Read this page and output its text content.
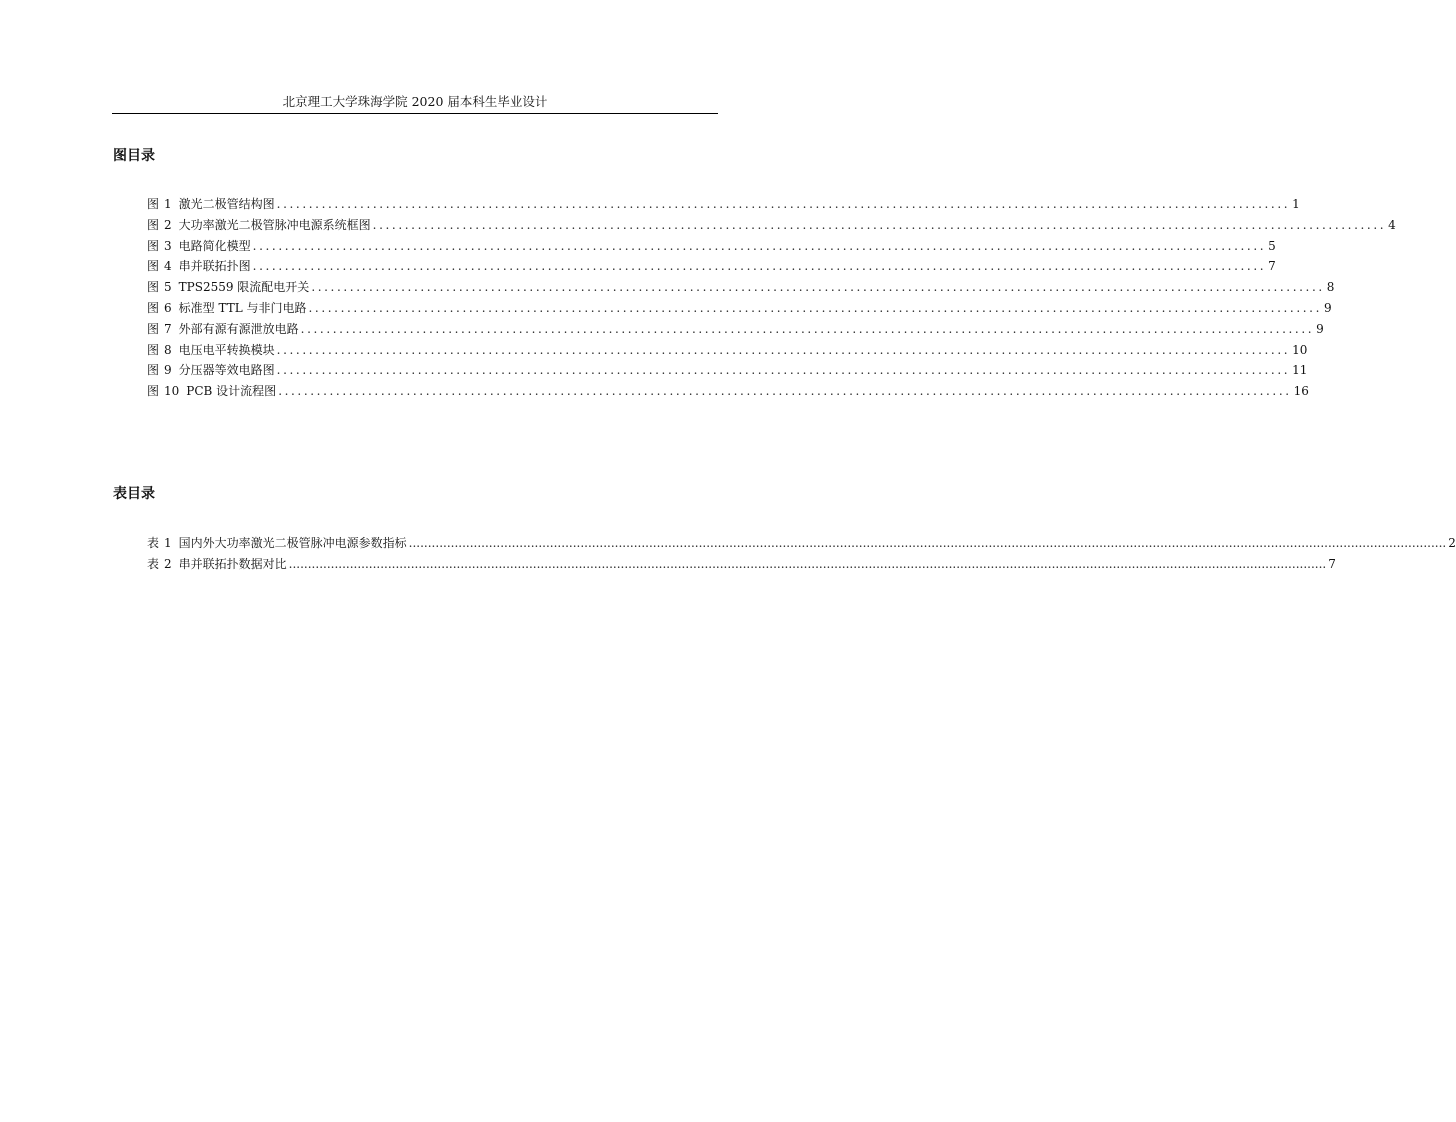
北京理工大学珠海学院 2020 届本科生毕业设计
图目录
图 1 激光二极管结构图 .............................................................................................................................................................. 1
图 2 大功率激光二极管脉冲电源系统框图 .............................................................................................................................................................. 4
图 3 电路简化模型 .............................................................................................................................................................. 5
图 4 串并联拓扑图 .............................................................................................................................................................. 7
图 5 TPS2559 限流配电开关 .............................................................................................................................................................. 8
图 6 标准型 TTL 与非门电路 .............................................................................................................................................................. 9
图 7 外部有源有源泄放电路 .............................................................................................................................................................. 9
图 8 电压电平转换模块 .............................................................................................................................................................. 10
图 9 分压器等效电路图 .............................................................................................................................................................. 11
图 10 PCB 设计流程图 .............................................................................................................................................................. 16
表目录
表 1 国内外大功率激光二极管脉冲电源参数指标 ................................................................................................................................................................................................................................................................................ 2
表 2 串并联拓扑数据对比 ................................................................................................................................................................................................................................................................................ 7
